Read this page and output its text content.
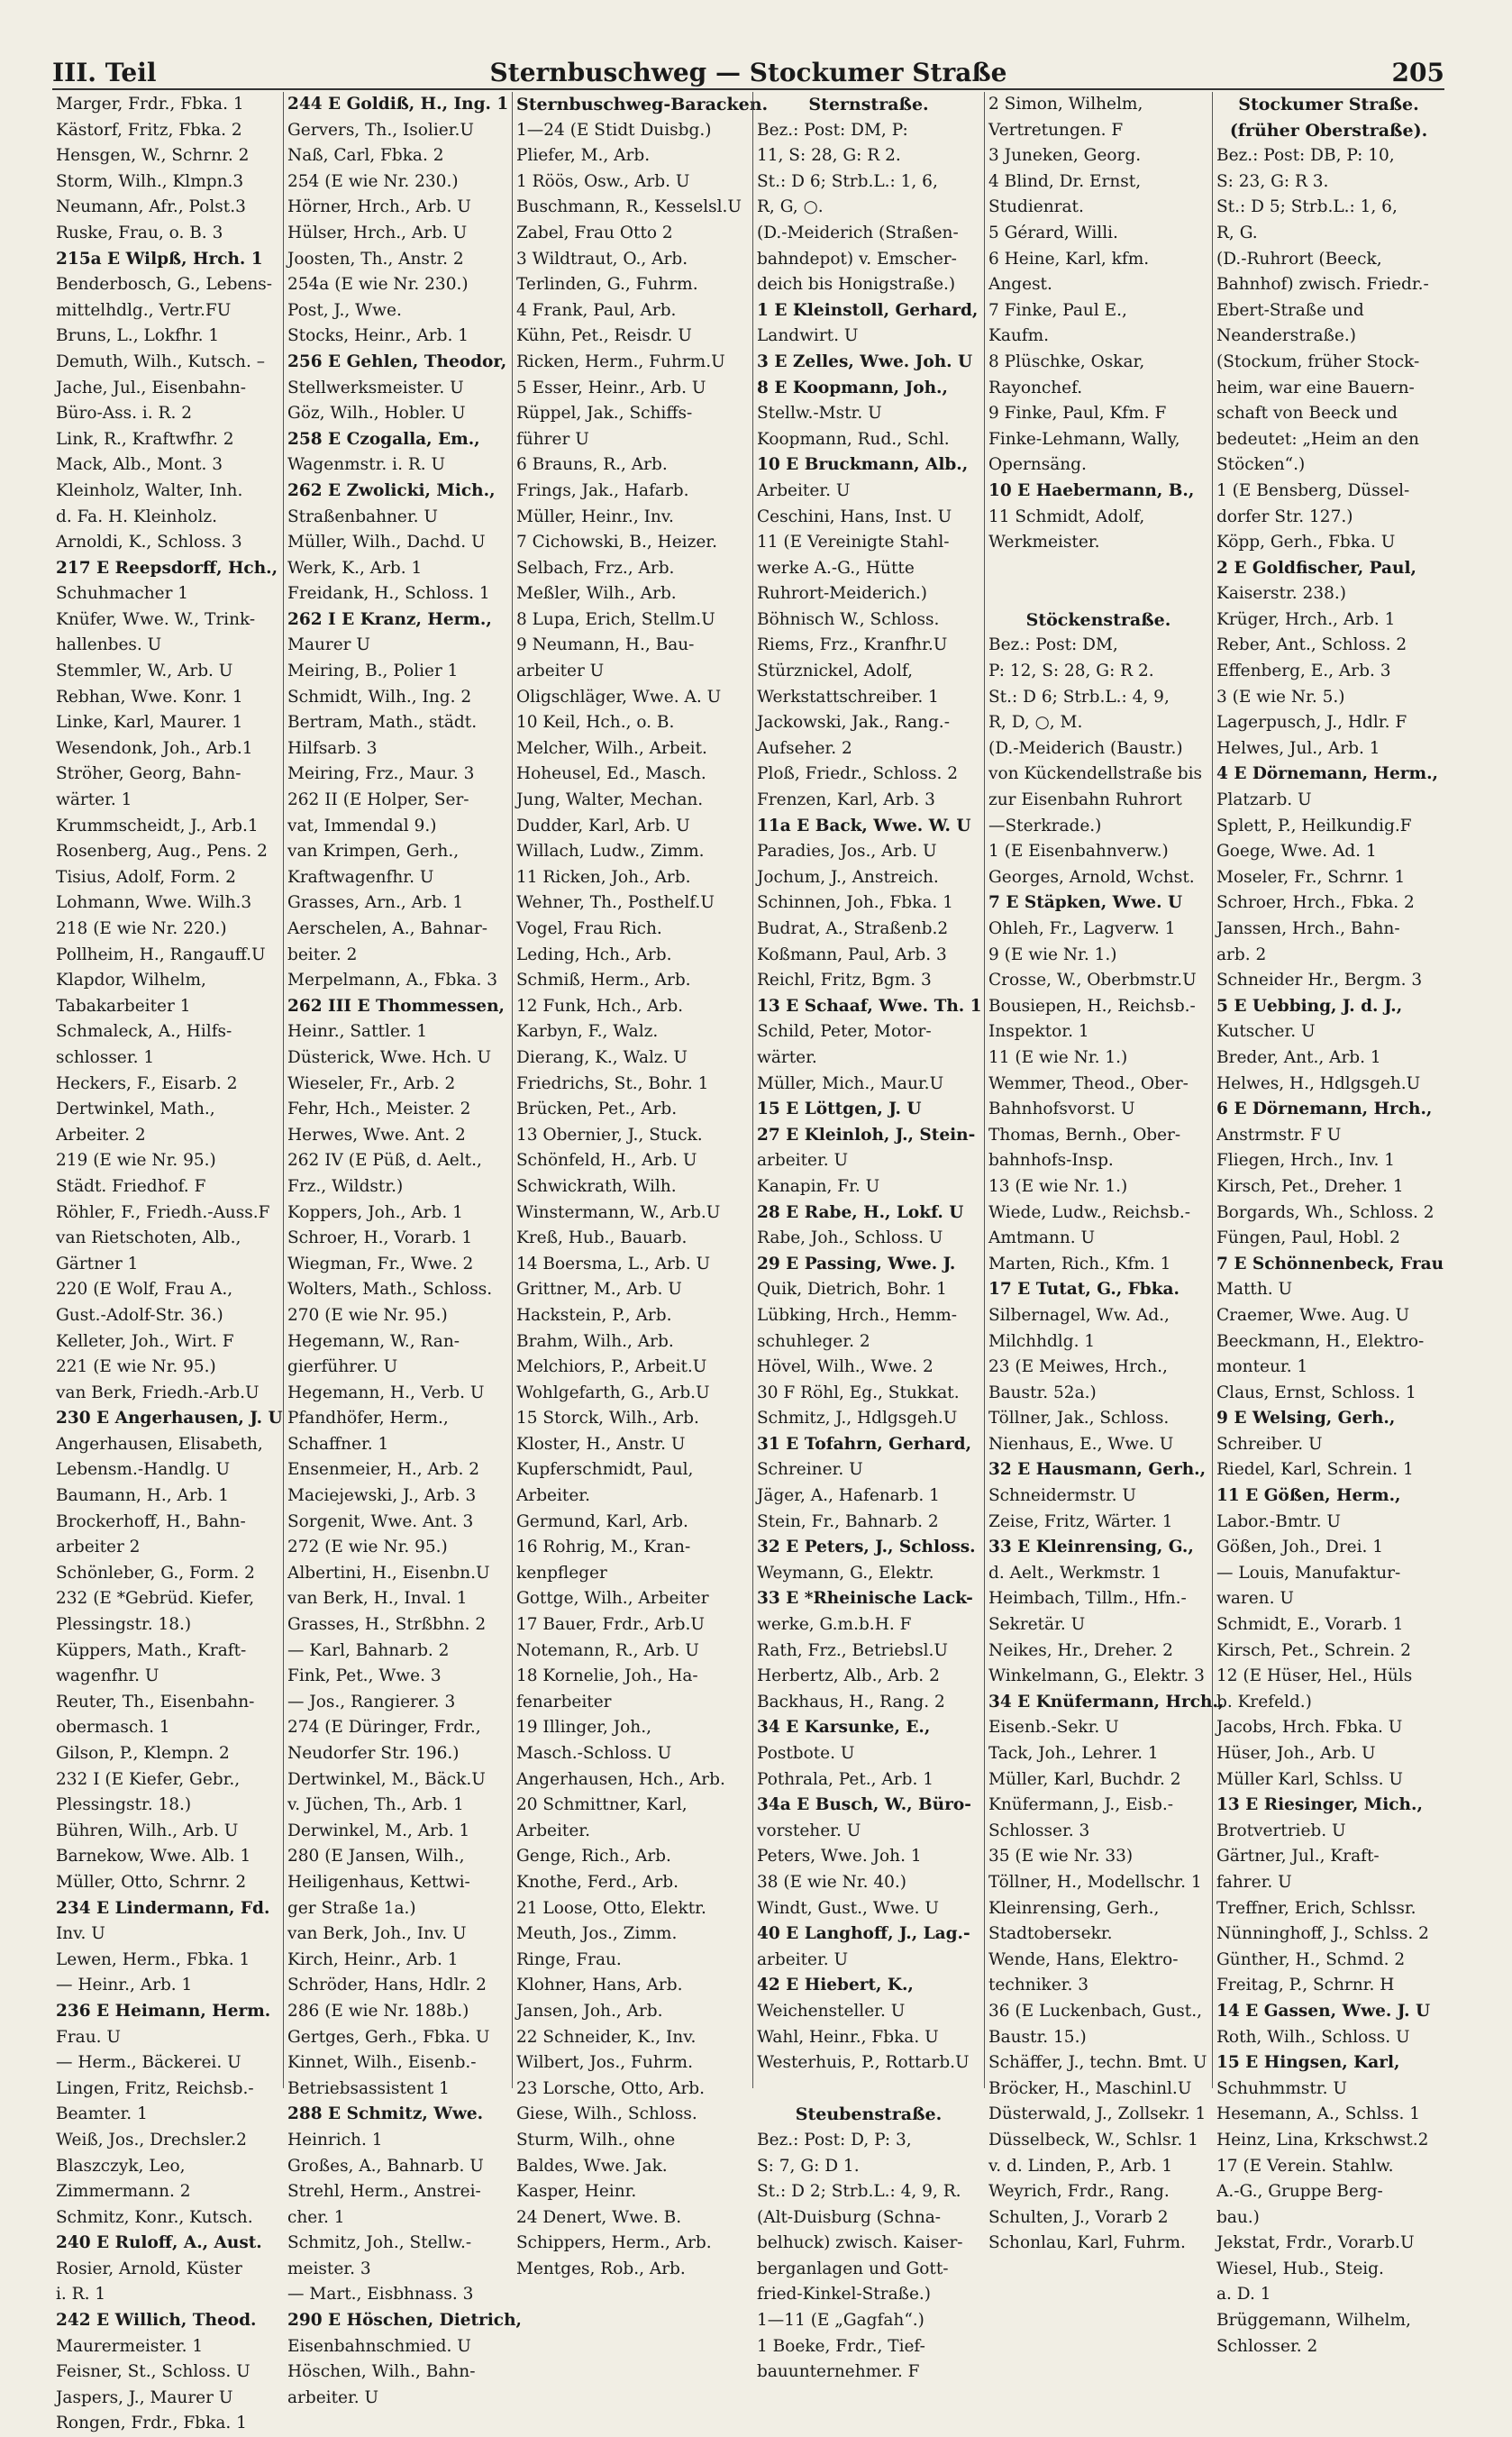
III. Teil	Sternbuschweg — Stockumer Straße	205
Marger, Frdr., Fbka. 1
Kästorf, Fritz, Fbka. 2
Hensgen, W., Schrnr. 2
Storm, Wilh., Klmpn.3
Neumann, Afr., Polst.3
Ruske, Frau, o. B. 3
215a E Wilpß, Hrch. 1
Benderbosch, G., Lebens-
mittelhdlg., Vertr.FU
Bruns, L., Lokfhr. 1
Demuth, Wilh., Kutsch. –
Jache, Jul., Eisenbahn-
Büro-Ass. i. R. 2
Link, R., Kraftwfhr. 2
Mack, Alb., Mont. 3
Kleinholz, Walter, Inh.
d. Fa. H. Kleinholz.
Arnoldi, K., Schloss. 3
217 E Reepsdorff, Hch.,
Schuhmacher 1
Knüfer, Wwe. W., Trink-
hallenbes. U
Stemmler, W., Arb. U
Rebhan, Wwe. Konr. 1
Linke, Karl, Maurer. 1
Wesendonk, Joh., Arb.1
Ströher, Georg, Bahn-
wärter. 1
Krummscheidt, J., Arb.1
Rosenberg, Aug., Pens. 2
Tisius, Adolf, Form. 2
Lohmann, Wwe. Wilh.3
218 (E wie Nr. 220.)
Pollheim, H., Rangauff.U
Klapdor, Wilhelm,
Tabakarbeiter 1
Schmaleck, A., Hilfs-
schlosser. 1
Heckers, F., Eisarb. 2
Dertwinkel, Math.,
Arbeiter. 2
219 (E wie Nr. 95.)
Städt. Friedhof. F
Röhler, F., Friedh.-Auss.F
van Rietschoten, Alb.,
Gärtner 1
220 (E Wolf, Frau A.,
Gust.-Adolf-Str. 36.)
Kelleter, Joh., Wirt. F
221 (E wie Nr. 95.)
van Berk, Friedh.-Arb.U
230 E Angerhausen, J. U
Angerhausen, Elisabeth,
Lebensm.-Handlg. U
Baumann, H., Arb. 1
Brockerhoff, H., Bahn-
arbeiter 2
Schönleber, G., Form. 2
232 (E *Gebrüd. Kiefer,
Plessingstr. 18.)
Küppers, Math., Kraft-
wagenfhr. U
Reuter, Th., Eisenbahn-
obermasch. 1
Gilson, P., Klempn. 2
232 I (E Kiefer, Gebr.,
Plessingstr. 18.)
Bühren, Wilh., Arb. U
Barnekow, Wwe. Alb. 1
Müller, Otto, Schrnr. 2
234 E Lindermann, Fd.
Inv. U
Lewen, Herm., Fbka. 1
— Heinr., Arb. 1
236 E Heimann, Herm.
Frau. U
— Herm., Bäckerei. U
Lingen, Fritz, Reichsb.-
Beamter. 1
Weiß, Jos., Drechsler.2
Blaszczyk, Leo,
Zimmermann. 2
Schmitz, Konr., Kutsch.
240 E Ruloff, A., Aust.
Rosier, Arnold, Küster
i. R. 1
242 E Willich, Theod.
Maurermeister. 1
Feisner, St., Schloss. U
Jaspers, J., Maurer U
Rongen, Frdr., Fbka. 1
244 E Goldiß, H., Ing. 1
Gervers, Th., Isolier.U
Naß, Carl, Fbka. 2
254 (E wie Nr. 230.)
Hörner, Hrch., Arb. U
Hülser, Hrch., Arb. U
Joosten, Th., Anstr. 2
254a (E wie Nr. 230.)
Post, J., Wwe.
Stocks, Heinr., Arb. 1
256 E Gehlen, Theodor,
Stellwerksmeister. U
Göz, Wilh., Hobler. U
258 E Czogalla, Em.,
Wagenmstr. i. R. U
262 E Zwolicki, Mich.,
Straßenbahner. U
Müller, Wilh., Dachd. U
Werk, K., Arb. 1
Freidank, H., Schloss. 1
262 I E Kranz, Herm.,
Maurer U
Meiring, B., Polier 1
Schmidt, Wilh., Ing. 2
Bertram, Math., städt.
Hilfsarb. 3
Meiring, Frz., Maur. 3
262 II (E Holper, Ser-
vat, Immendal 9.)
van Krimpen, Gerh.,
Kraftwagenfhr. U
Grasses, Arn., Arb. 1
Aerschelen, A., Bahnar-
beiter. 2
Merpelmann, A., Fbka. 3
262 III E Thommessen,
Heinr., Sattler. 1
Düsterick, Wwe. Hch. U
Wieseler, Fr., Arb. 2
Fehr, Hch., Meister. 2
Herwes, Wwe. Ant. 2
262 IV (E Püß, d. Aelt.,
Frz., Wildstr.)
Koppers, Joh., Arb. 1
Schroer, H., Vorarb. 1
Wiegman, Fr., Wwe. 2
Wolters, Math., Schloss.
270 (E wie Nr. 95.)
Hegemann, W., Ran-
gierführer. U
Hegemann, H., Verb. U
Pfandhöfer, Herm.,
Schaffner. 1
Ensenmeier, H., Arb. 2
Maciejewski, J., Arb. 3
Sorgenit, Wwe. Ant. 3
272 (E wie Nr. 95.)
Albertini, H., Eisenbn.U
van Berk, H., Inval. 1
Grasses, H., Strßbhn. 2
— Karl, Bahnarb. 2
Fink, Pet., Wwe. 3
— Jos., Rangierer. 3
274 (E Düringer, Frdr.,
Neudorfer Str. 196.)
Dertwinkel, M., Bäck.U
v. Jüchen, Th., Arb. 1
Derwinkel, M., Arb. 1
280 (E Jansen, Wilh.,
Heiligenhaus, Kettwi-
ger Straße 1a.)
van Berk, Joh., Inv. U
Kirch, Heinr., Arb. 1
Schröder, Hans, Hdlr. 2
286 (E wie Nr. 188b.)
Gertges, Gerh., Fbka. U
Kinnet, Wilh., Eisenb.-
Betriebsassistent 1
288 E Schmitz, Wwe.
Heinrich. 1
Großes, A., Bahnarb. U
Strehl, Herm., Anstrei-
cher. 1
Schmitz, Joh., Stellw.-
meister. 3
— Mart., Eisbhnass. 3
290 E Höschen, Dietrich,
Eisenbahnschmied. U
Höschen, Wilh., Bahn-
arbeiter. U
Sternbuschweg-Baracken.
1—24 (E Stidt Duisbg.)
Pliefer, M., Arb.
1 Röös, Osw., Arb. U
Buschmann, R., Kesselsl.U
Zabel, Frau Otto 2
3 Wildtraut, O., Arb.
Terlinden, G., Fuhrm.
4 Frank, Paul, Arb.
Kühn, Pet., Reisdr. U
Ricken, Herm., Fuhrm.U
5 Esser, Heinr., Arb. U
Rüppel, Jak., Schiffs-
führer U
6 Brauns, R., Arb.
Frings, Jak., Hafarb.
Müller, Heinr., Inv.
7 Cichowski, B., Heizer.
Selbach, Frz., Arb.
Meßler, Wilh., Arb.
8 Lupa, Erich, Stellm.U
9 Neumann, H., Bau-
arbeiter U
Oligschläger, Wwe. A. U
10 Keil, Hch., o. B.
Melcher, Wilh., Arbeit.
Hoheusel, Ed., Masch.
Jung, Walter, Mechan.
Dudder, Karl, Arb. U
Willach, Ludw., Zimm.
11 Ricken, Joh., Arb.
Wehner, Th., Posthelf.U
Vogel, Frau Rich.
Leding, Hch., Arb.
Schmiß, Herm., Arb.
12 Funk, Hch., Arb.
Karbyn, F., Walz.
Dierang, K., Walz. U
Friedrichs, St., Bohr. 1
Brücken, Pet., Arb.
13 Obernier, J., Stuck.
Schönfeld, H., Arb. U
Schwickrath, Wilh.
Winstermann, W., Arb.U
Kreß, Hub., Bauarb.
14 Boersma, L., Arb. U
Grittner, M., Arb. U
Hackstein, P., Arb.
Brahm, Wilh., Arb.
Melchiors, P., Arbeit.U
Wohlgefarth, G., Arb.U
15 Storck, Wilh., Arb.
Kloster, H., Anstr. U
Kupferschmidt, Paul,
Arbeiter.
Germund, Karl, Arb.
16 Rohrig, M., Kran-
kenpfleger
Gottge, Wilh., Arbeiter
17 Bauer, Frdr., Arb.U
Notemann, R., Arb. U
18 Kornelie, Joh., Ha-
fenarbeiter
19 Illinger, Joh.,
Masch.-Schloss. U
Angerhausen, Hch., Arb.
20 Schmittner, Karl,
Arbeiter.
Genge, Rich., Arb.
Knothe, Ferd., Arb.
21 Loose, Otto, Elektr.
Meuth, Jos., Zimm.
Ringe, Frau.
Klohner, Hans, Arb.
Jansen, Joh., Arb.
22 Schneider, K., Inv.
Wilbert, Jos., Fuhrm.
23 Lorsche, Otto, Arb.
Giese, Wilh., Schloss.
Sturm, Wilh., ohne
Baldes, Wwe. Jak.
Kasper, Heinr.
24 Denert, Wwe. B.
Schippers, Herm., Arb.
Mentges, Rob., Arb.
Sternstraße.
Bez.: Post: DM, P:
11, S: 28, G: R 2.
St.: D 6; Strb.L.: 1, 6,
R, G, ○.
(D.-Meiderich (Straßen-
bahndepot) v. Emscher-
deich bis Honigstraße.)
1 E Kleinstoll, Gerhard,
Landwirt. U
3 E Zelles, Wwe. Joh. U
8 E Koopmann, Joh.,
Stellw.-Mstr. U
Koopmann, Rud., Schl.
10 E Bruckmann, Alb.,
Arbeiter. U
Ceschini, Hans, Inst. U
11 (E Vereinigte Stahl-
werke A.-G., Hütte
Ruhrort-Meiderich.)
Böhnisch W., Schloss.
Riems, Frz., Kranfhr.U
Stürznickel, Adolf,
Werkstattschreiber. 1
Jackowski, Jak., Rang.-
Aufseher. 2
Ploß, Friedr., Schloss. 2
Frenzen, Karl, Arb. 3
11a E Back, Wwe. W. U
Paradies, Jos., Arb. U
Jochum, J., Anstreich.
Schinnen, Joh., Fbka. 1
Budrat, A., Straßenb.2
Koßmann, Paul, Arb. 3
Reichl, Fritz, Bgm. 3
13 E Schaaf, Wwe. Th. 1
Schild, Peter, Motor-
wärter.
Müller, Mich., Maur.U
15 E Löttgen, J. U
27 E Kleinloh, J., Stein-
arbeiter. U
Kanapin, Fr. U
28 E Rabe, H., Lokf. U
Rabe, Joh., Schloss. U
29 E Passing, Wwe. J.
Quik, Dietrich, Bohr. 1
Lübking, Hrch., Hemm-
schuhleger. 2
Hövel, Wilh., Wwe. 2
30 F Röhl, Eg., Stukkat.
Schmitz, J., Hdlgsgeh.U
31 E Tofahrn, Gerhard,
Schreiner. U
Jäger, A., Hafenarb. 1
Stein, Fr., Bahnarb. 2
32 E Peters, J., Schloss.
Weymann, G., Elektr.
33 E *Rheinische Lack-
werke, G.m.b.H. F
Rath, Frz., Betriebsl.U
Herbertz, Alb., Arb. 2
Backhaus, H., Rang. 2
34 E Karsunke, E.,
Postbote. U
Pothrala, Pet., Arb. 1
34a E Busch, W., Büro-
vorsteher. U
Peters, Wwe. Joh. 1
38 (E wie Nr. 40.)
Windt, Gust., Wwe. U
40 E Langhoff, J., Lag.-
arbeiter. U
42 E Hiebert, K.,
Weichensteller. U
Wahl, Heinr., Fbka. U
Westerhuis, P., Rottarb.U
Steubenstraße.
Bez.: Post: D, P: 3,
S: 7, G: D 1.
St.: D 2; Strb.L.: 4, 9, R.
(Alt-Duisburg (Schna-
belhuck) zwisch. Kaiser-
berganlagen und Gott-
fried-Kinkel-Straße.)
1—11 (E „Gagfah“.)
1 Boeke, Frdr., Tief-
bauunternehmer. F
2 Simon, Wilhelm,
Vertretungen. F
3 Juneken, Georg.
4 Blind, Dr. Ernst,
Studienrat.
5 Gérard, Willi.
6 Heine, Karl, kfm.
Angest.
7 Finke, Paul E.,
Kaufm.
8 Plüschke, Oskar,
Rayonchef.
9 Finke, Paul, Kfm. F
Finke-Lehmann, Wally,
Opernsäng.
10 E Haebermann, B.,
11 Schmidt, Adolf,
Werkmeister.
Stöckenstraße.
Bez.: Post: DM,
P: 12, S: 28, G: R 2.
St.: D 6; Strb.L.: 4, 9,
R, D, ○, M.
(D.-Meiderich (Baustr.)
von Kückendellstraße bis
zur Eisenbahn Ruhrort
—Sterkrade.)
1 (E Eisenbahnverw.)
Georges, Arnold, Wchst.
7 E Stäpken, Wwe. U
Ohleh, Fr., Lagverw. 1
9 (E wie Nr. 1.)
Crosse, W., Oberbmstr.U
Bousiepen, H., Reichsb.-
Inspektor. 1
11 (E wie Nr. 1.)
Wemmer, Theod., Ober-
Bahnhofsvorst. U
Thomas, Bernh., Ober-
bahnhofs-Insp.
13 (E wie Nr. 1.)
Wiede, Ludw., Reichsb.-
Amtmann. U
Marten, Rich., Kfm. 1
17 E Tutat, G., Fbka.
Silbernagel, Ww. Ad.,
Milchhdlg. 1
23 (E Meiwes, Hrch.,
Baustr. 52a.)
Töllner, Jak., Schloss.
Nienhaus, E., Wwe. U
32 E Hausmann, Gerh.,
Schneidermstr. U
Zeise, Fritz, Wärter. 1
33 E Kleinrensing, G.,
d. Aelt., Werkmstr. 1
Heimbach, Tillm., Hfn.-
Sekretär. U
Neikes, Hr., Dreher. 2
Winkelmann, G., Elektr. 3
34 E Knüfermann, Hrch.,
Eisenb.-Sekr. U
Tack, Joh., Lehrer. 1
Müller, Karl, Buchdr. 2
Knüfermann, J., Eisb.-
Schlosser. 3
35 (E wie Nr. 33)
Töllner, H., Modellschr. 1
Kleinrensing, Gerh.,
Stadtobersekr.
Wende, Hans, Elektro-
techniker. 3
36 (E Luckenbach, Gust.,
Baustr. 15.)
Schäffer, J., techn. Bmt. U
Bröcker, H., Maschinl.U
Düsterwald, J., Zollsekr. 1
Düsselbeck, W., Schlsr. 1
v. d. Linden, P., Arb. 1
Weyrich, Frdr., Rang.
Schulten, J., Vorarb 2
Schonlau, Karl, Fuhrm.
Stockumer Straße.
(früher Oberstraße).
Bez.: Post: DB, P: 10,
S: 23, G: R 3.
St.: D 5; Strb.L.: 1, 6,
R, G.
(D.-Ruhrort (Beeck,
Bahnhof) zwisch. Friedr.-
Ebert-Straße und
Neanderstraße.)
(Stockum, früher Stock-
heim, war eine Bauern-
schaft von Beeck und
bedeutet: „Heim an den
Stöcken“.)
1 (E Bensberg, Düssel-
dorfer Str. 127.)
Köpp, Gerh., Fbka. U
2 E Goldfischer, Paul,
Kaiserstr. 238.)
Krüger, Hrch., Arb. 1
Reber, Ant., Schloss. 2
Effenberg, E., Arb. 3
3 (E wie Nr. 5.)
Lagerpusch, J., Hdlr. F
Helwes, Jul., Arb. 1
4 E Dörnemann, Herm.,
Platzarb. U
Splett, P., Heilkundig.F
Goege, Wwe. Ad. 1
Moseler, Fr., Schrnr. 1
Schroer, Hrch., Fbka. 2
Janssen, Hrch., Bahn-
arb. 2
Schneider Hr., Bergm. 3
5 E Uebbing, J. d. J.,
Kutscher. U
Breder, Ant., Arb. 1
Helwes, H., Hdlgsgeh.U
6 E Dörnemann, Hrch.,
Anstrmstr. F U
Fliegen, Hrch., Inv. 1
Kirsch, Pet., Dreher. 1
Borgards, Wh., Schloss. 2
Füngen, Paul, Hobl. 2
7 E Schönnenbeck, Frau
Matth. U
Craemer, Wwe. Aug. U
Beeckmann, H., Elektro-
monteur. 1
Claus, Ernst, Schloss. 1
9 E Welsing, Gerh.,
Schreiber. U
Riedel, Karl, Schrein. 1
11 E Gößen, Herm.,
Labor.-Bmtr. U
Gößen, Joh., Drei. 1
— Louis, Manufaktur-
waren. U
Schmidt, E., Vorarb. 1
Kirsch, Pet., Schrein. 2
12 (E Hüser, Hel., Hüls
b. Krefeld.)
Jacobs, Hrch. Fbka. U
Hüser, Joh., Arb. U
Müller Karl, Schlss. U
13 E Riesinger, Mich.,
Brotvertrieb. U
Gärtner, Jul., Kraft-
fahrer. U
Treffner, Erich, Schlssr.
Nünninghoff, J., Schlss. 2
Günther, H., Schmd. 2
Freitag, P., Schrnr. H
14 E Gassen, Wwe. J. U
Roth, Wilh., Schloss. U
15 E Hingsen, Karl,
Schuhmmstr. U
Hesemann, A., Schlss. 1
Heinz, Lina, Krkschwst.2
17 (E Verein. Stahlw.
A.-G., Gruppe Berg-
bau.)
Jekstat, Frdr., Vorarb.U
Wiesel, Hub., Steig.
a. D. 1
Brüggemann, Wilhelm,
Schlosser. 2
